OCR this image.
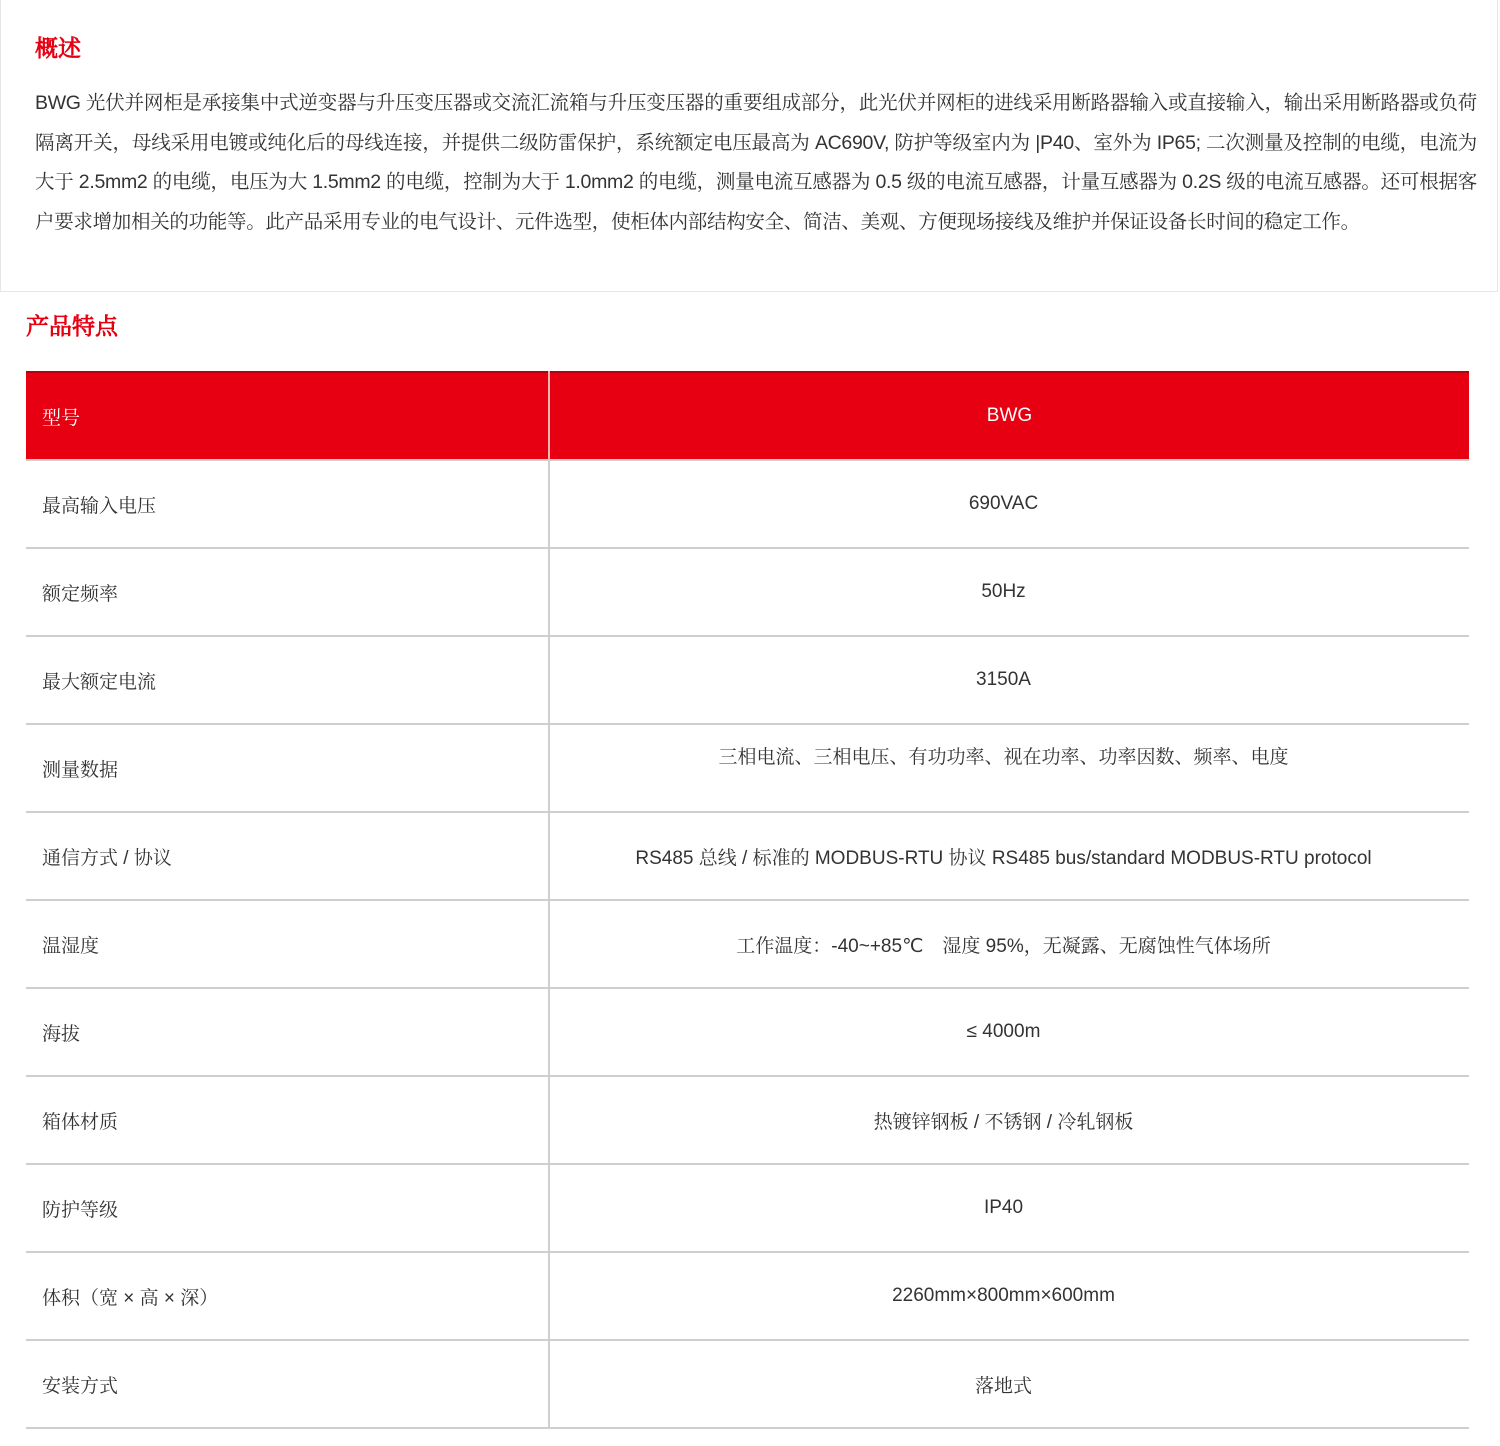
概述

BWG 光伏并网柜是承接集中式逆变器与升压变压器或交流汇流箱与升压变压器的重要组成部分，此光伏并网柜的进线采用断路器输入或直接输入，输出采用断路器或负荷隔离开关，母线采用电镀或纯化后的母线连接，并提供二级防雷保护，系统额定电压最高为 AC690V, 防护等级室内为 |P40、室外为 IP65; 二次测量及控制的电缆，电流为大于 2.5mm2 的电缆，电压为大 1.5mm2 的电缆，控制为大于 1.0mm2 的电缆，测量电流互感器为 0.5 级的电流互感器，计量互感器为 0.2S 级的电流互感器。还可根据客户要求增加相关的功能等。此产品采用专业的电气设计、元件选型，使柜体内部结构安全、简洁、美观、方便现场接线及维护并保证设备长时间的稳定工作。

产品特点
型号	BWG
最高输入电压	690VAC
额定频率	50Hz
最大额定电流	3150A
测量数据	三相电流、三相电压、有功功率、视在功率、功率因数、频率、电度
通信方式 / 协议	RS485 总线 / 标准的 MODBUS-RTU 协议 RS485 bus/standard MODBUS-RTU protocol
温湿度	工作温度：-40~+85℃　湿度 95%，无凝露、无腐蚀性气体场所
海拔	≤ 4000m
箱体材质	热镀锌钢板 / 不锈钢 / 冷轧钢板
防护等级	IP40
体积（宽 × 高 × 深）	2260mm×800mm×600mm
安装方式	落地式
